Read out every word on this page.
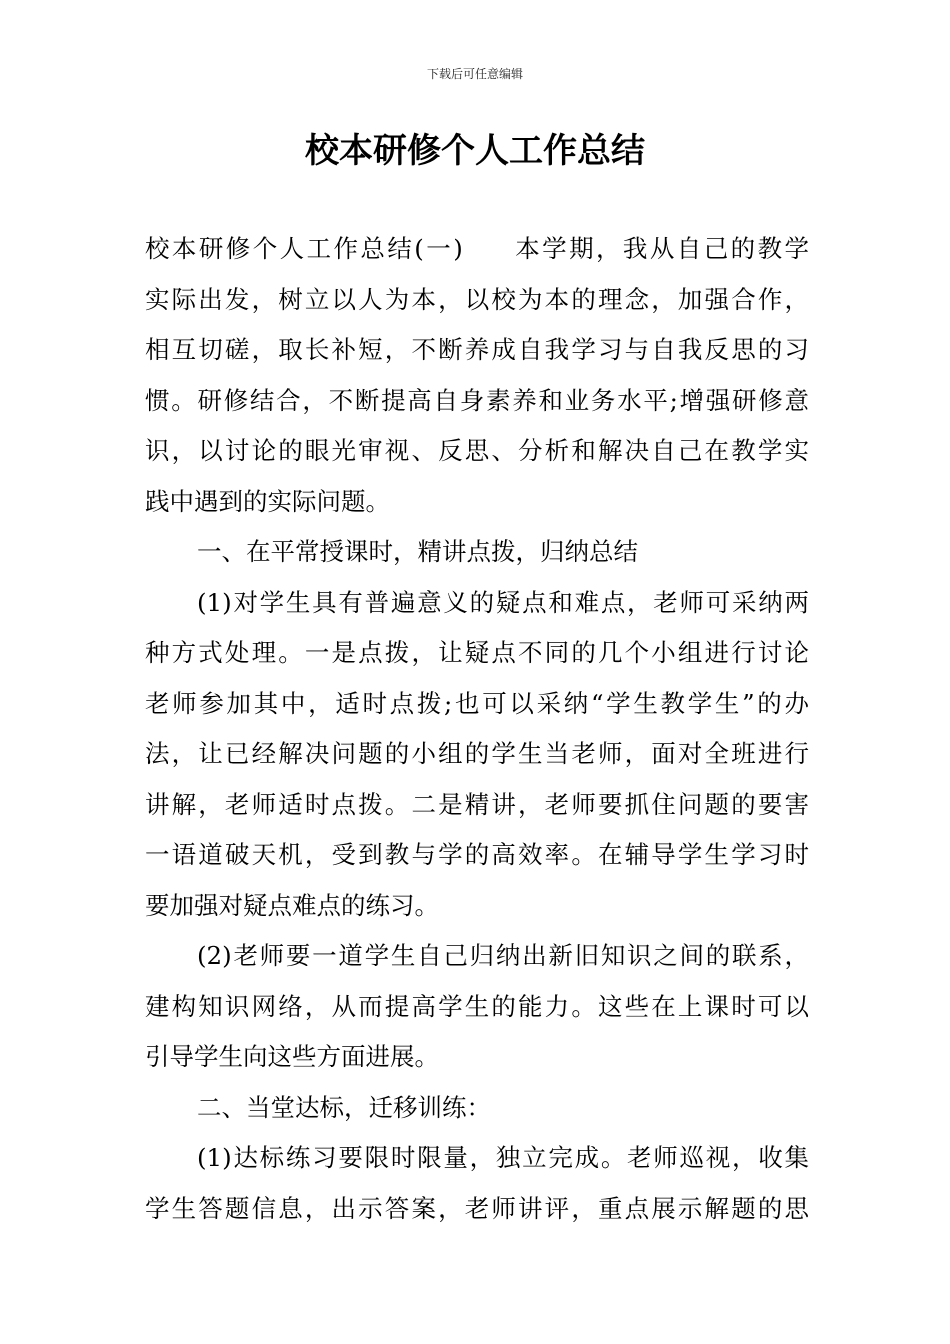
下载后可任意编辑
校本研修个人工作总结
校本研修个人工作总结(一) 本学期，我从自己的教学
实际出发，树立以人为本，以校为本的理念，加强合作，
相互切磋，取长补短，不断养成自我学习与自我反思的习
惯。研修结合，不断提高自身素养和业务水平;增强研修意
识，以讨论的眼光审视、反思、分析和解决自己在教学实
践中遇到的实际问题。
一、在平常授课时，精讲点拨，归纳总结
(1)对学生具有普遍意义的疑点和难点，老师可采纳两
种方式处理。一是点拨，让疑点不同的几个小组进行讨论
老师参加其中，适时点拨;也可以采纳“学生教学生”的办
法，让已经解决问题的小组的学生当老师，面对全班进行
讲解，老师适时点拨。二是精讲，老师要抓住问题的要害
一语道破天机，受到教与学的高效率。在辅导学生学习时
要加强对疑点难点的练习。
(2)老师要一道学生自己归纳出新旧知识之间的联系，
建构知识网络，从而提高学生的能力。这些在上课时可以
引导学生向这些方面进展。
二、当堂达标，迁移训练：
(1)达标练习要限时限量，独立完成。老师巡视，收集
学生答题信息，出示答案，老师讲评，重点展示解题的思
